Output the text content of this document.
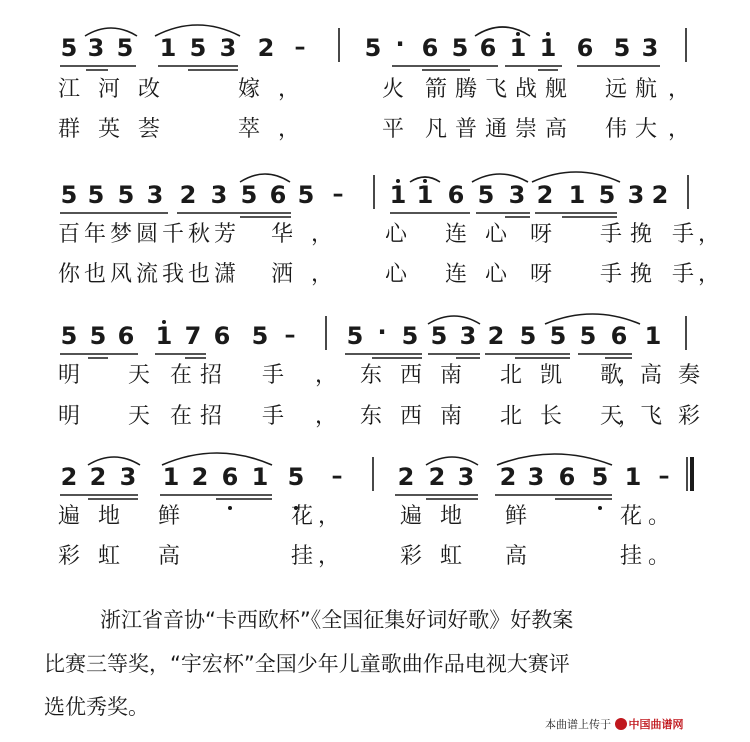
5 3 5 1 5 3 2 – 5 · 6 5 6 1 1 6 5 3
5 5 5 3 2 3 5 6 5 – 1 1 6 5 3 2 1 5 3 2
5 5 6 1 7 6 5 – 5 · 5 5 3 2 5 5 5 6 1
2 2 3 1 2 6 1 5 – 2 2 3 2 3 6 5 1 –
江 河 改	嫁 ，	火 箭 腾 飞 战 舰 远 航 ，
群 英 荟	萃 ，	平 凡 普 通 崇 高 伟 大 ，
百 年 梦 圆 千 秋 芳 华 ， 心 连 心 呀 手 挽 手 ，
你 也 风 流 我 也 潇 洒 ， 心 连 心 呀 手 挽 手 ，
明 天 在 招 手 ， 东 西 南 北 凯 歌 高 奏
，
明 天 在 招 手 ， 东 西 南 北 长 天 飞 彩
，
遍 地 鲜	花 ，	遍 地 鲜	花 。
彩 虹 高	挂 ，	彩 虹 高	挂 。
浙江省音协“卡西欧杯”《全国征集好词好歌》好教案
比赛三等奖，“宇宏杯”全国少年儿童歌曲作品电视大赛评
选优秀奖。
本曲谱上传于 中国曲谱网
